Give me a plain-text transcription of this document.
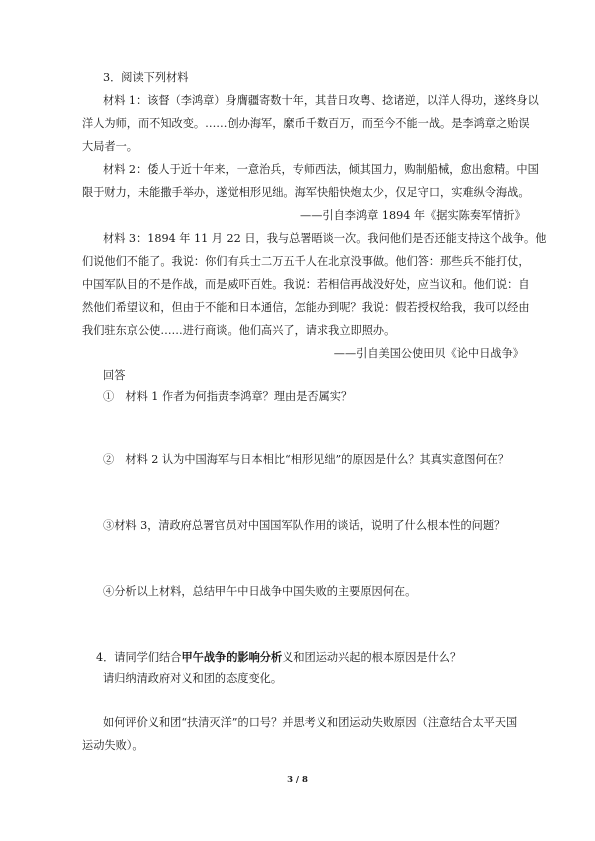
3．阅读下列材料
材料 1：该督（李鸿章）身膺疆寄数十年，其昔日攻粤、捻诸逆，以洋人得功，遂终身以
洋人为师，而不知改变。……创办海军，縻币千数百万，而至今不能一战。是李鸿章之贻误
大局者一。
材料 2：倭人于近十年来，一意治兵，专师西法，倾其国力，购制船械，愈出愈精。中国
限于财力，未能撒手举办，遂觉相形见绌。海军快船快炮太少，仅足守口，实难纵令海战。
——引自李鸿章 1894 年《据实陈奏军情折》
材料 3：1894 年 11 月 22 日，我与总署晤谈一次。我问他们是否还能支持这个战争。他
们说他们不能了。我说：你们有兵士二万五千人在北京没事做。他们答：那些兵不能打仗，
中国军队目的不是作战，而是威吓百姓。我说：若相信再战没好处，应当议和。他们说：自
然他们希望议和，但由于不能和日本通信，怎能办到呢？我说：假若授权给我，我可以经由
我们驻东京公使……进行商谈。他们高兴了，请求我立即照办。
——引自美国公使田贝《论中日战争》
回答
①　材料 1 作者为何指责李鸿章？理由是否属实？
②　材料 2 认为中国海军与日本相比“相形见绌”的原因是什么？其真实意图何在？
③材料 3，清政府总署官员对中国国军队作用的谈话，说明了什么根本性的问题？
④分析以上材料，总结甲午中日战争中国失败的主要原因何在。
4．请同学们结合甲午战争的影响分析义和团运动兴起的根本原因是什么？
请归纳清政府对义和团的态度变化。
如何评价义和团“扶清灭洋”的口号？并思考义和团运动失败原因（注意结合太平天国
运动失败）。
3 / 8
